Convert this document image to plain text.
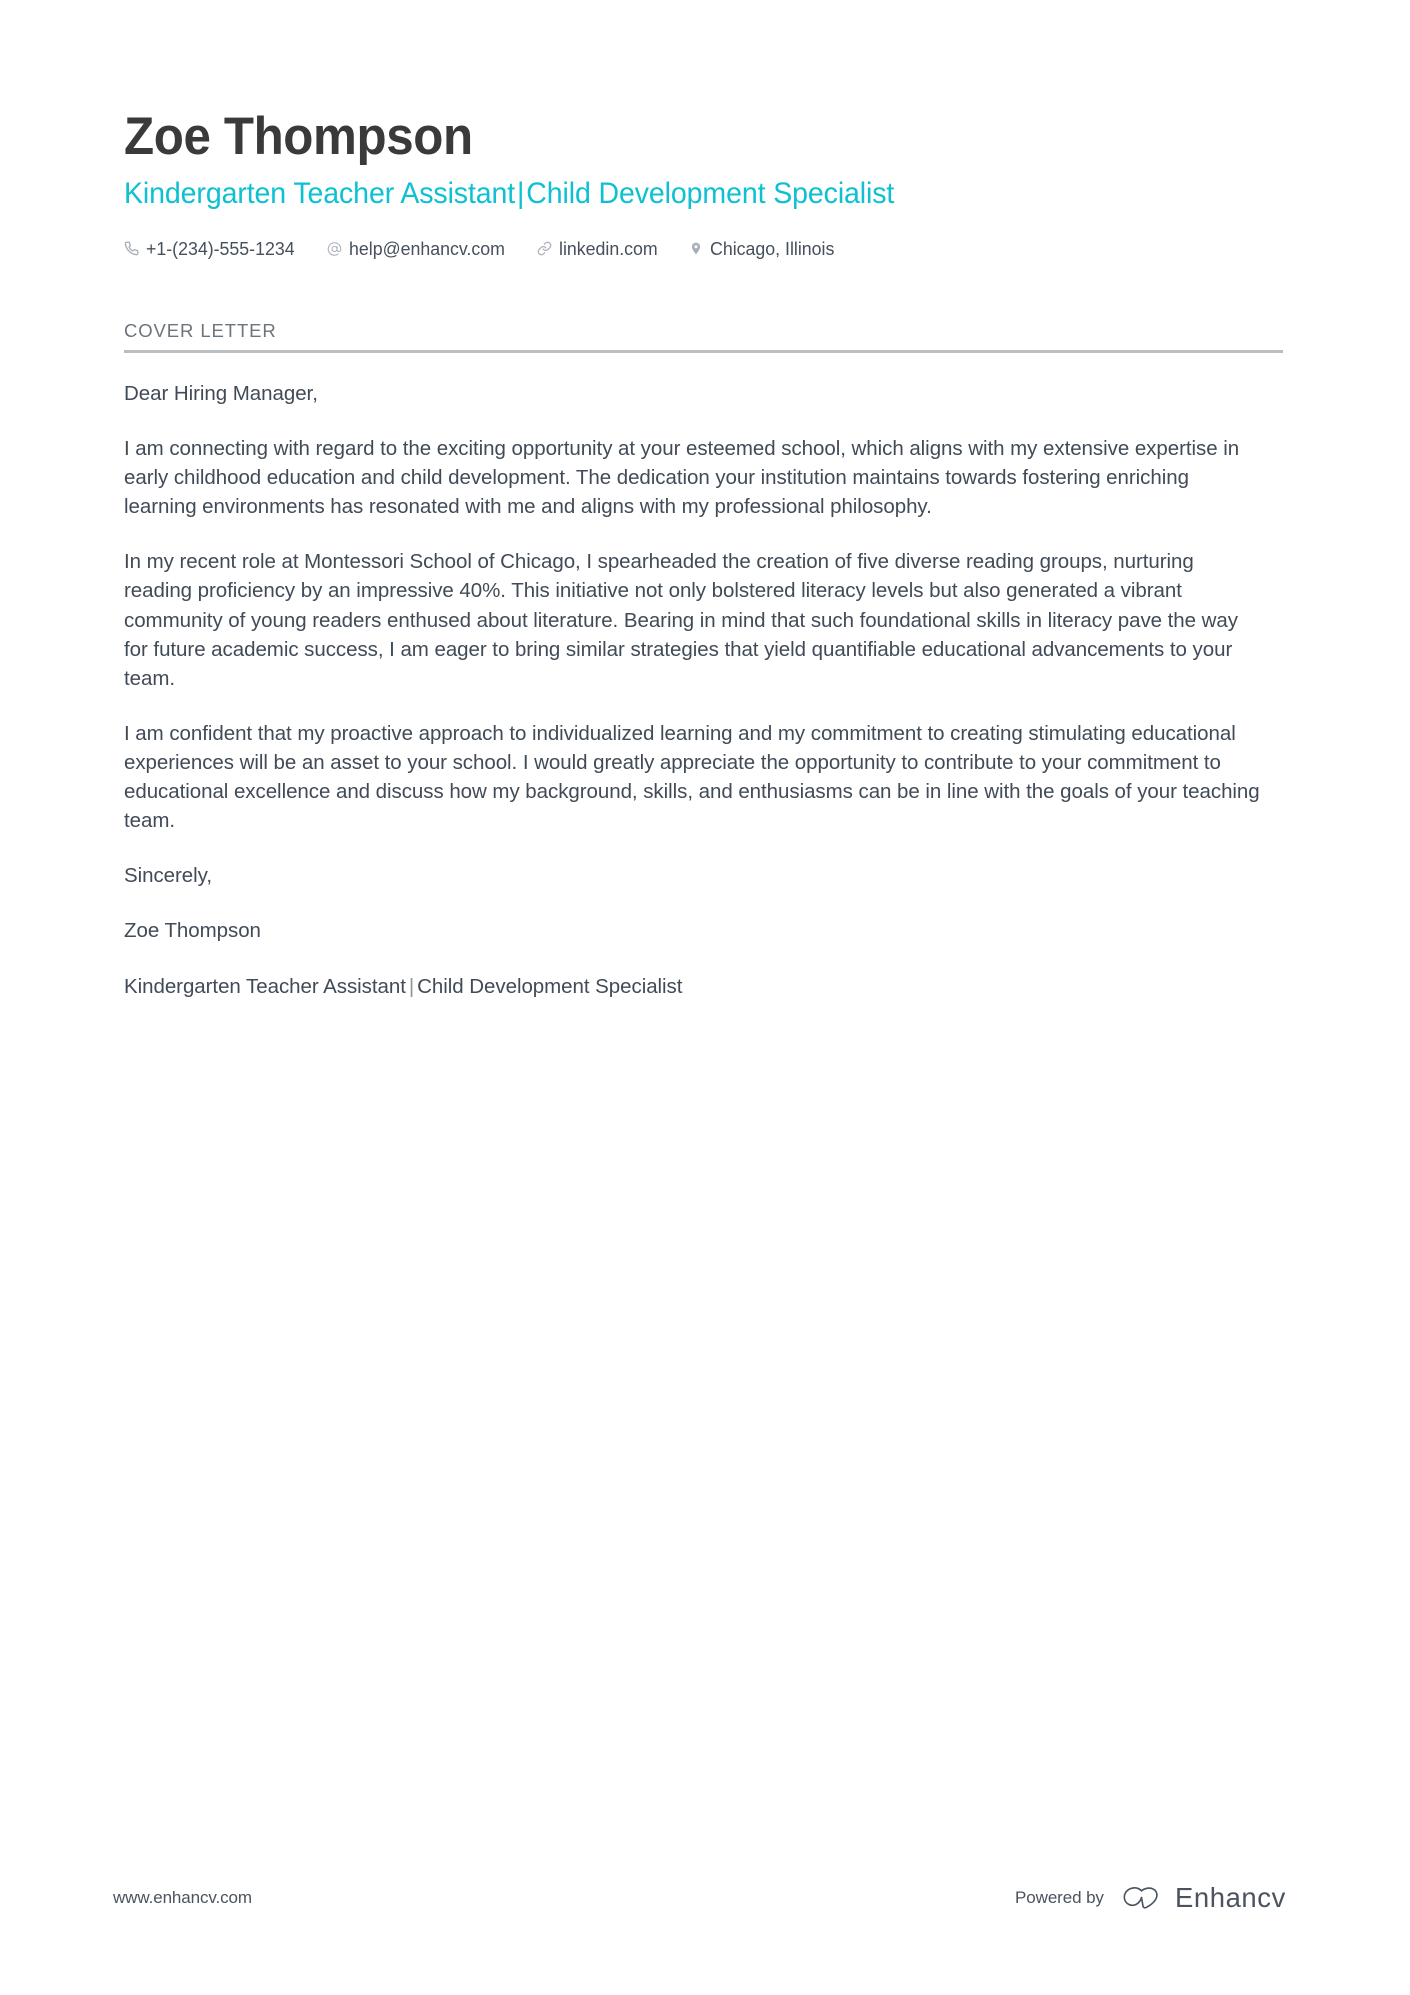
Zoe Thompson
Kindergarten Teacher Assistant|Child Development Specialist
+1-(234)-555-1234	help@enhancv.com	linkedin.com	Chicago, Illinois
COVER LETTER

Dear Hiring Manager,

I am connecting with regard to the exciting opportunity at your esteemed school, which aligns with my extensive expertise in early childhood education and child development. The dedication your institution maintains towards fostering enriching learning environments has resonated with me and aligns with my professional philosophy.

In my recent role at Montessori School of Chicago, I spearheaded the creation of five diverse reading groups, nurturing reading proficiency by an impressive 40%. This initiative not only bolstered literacy levels but also generated a vibrant community of young readers enthused about literature. Bearing in mind that such foundational skills in literacy pave the way for future academic success, I am eager to bring similar strategies that yield quantifiable educational advancements to your team.

I am confident that my proactive approach to individualized learning and my commitment to creating stimulating educational experiences will be an asset to your school. I would greatly appreciate the opportunity to contribute to your commitment to educational excellence and discuss how my background, skills, and enthusiasms can be in line with the goals of your teaching team.

Sincerely,

Zoe Thompson

Kindergarten Teacher Assistant | Child Development Specialist

www.enhancv.com	Powered by	Enhancv
